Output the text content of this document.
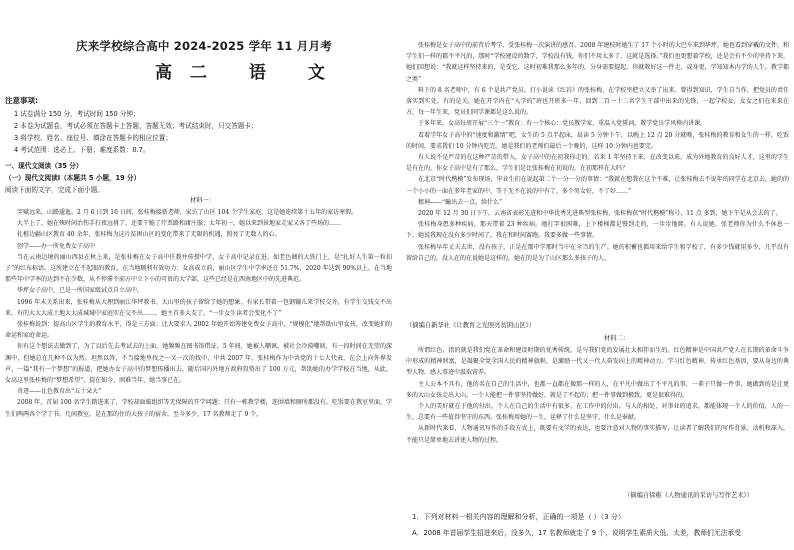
庆来学校综合高中 2024-2025 学年 11 月月考
高二 语 文
注意事项:
1 试卷满分 150 分，考试时间 150 分钟；
2 本卷为试题卷，考试必须在答题卡上答题，答题无效；考试结束时，只交答题卡；
3 将学校、姓名、座位号、填涂在答题卡的相应位置；
4 考试范围：选必上、下册；难度系数：0.7。
一、现代文阅读（35 分）
（一）现代文阅读Ⅰ（本题共 5 小题，19 分）
阅读下面的文字，完成下面小题。
材料一：

字赋远来，山路逶迤。2 月 6 日到 16 日间，张桂梅接新老师，家访了山区 104 个学生家庭，这是她连续第十五年的家访寒假。

大半上了，她在殊时间治伤手打夜远挑了，还要干脆了疗票路和庸庄服；太年初一，她以来到景地家走家又各了些场的……

扎根边疆山区教育 40 余年，张桂梅为这片贫困山区的变化带来了无限的机遇，照亮了无数人的心。

创学——办一所免费女子高中

当在云南边境的丽山西县在秋上来，是张桂梅在女子高中任教并传授中学，女子高中记录在进。如老色调的大铁门上，是“扎好人生第一粒扣子”的红布标语。这所建立在不起眼的教育，在当地顺利有效功力：女高成立前，丽山区学生中学率还在 51.7%，2020 年达到 90%以上，在当地那些年中学率的达到不在少数，从不停滞不前方中立下小的可贵的大学部，这些已经是在西南地区中的先进典范。

华坪女子高中，已是一所国家级试点自立高中。

1996 年末关系出来，张桂梅从大理到丽江华坪教书。大山里的孩子留给了她的想象。有家长带着一包钢镚儿来学校交齐，有学生交钱交不出来，有的大大大成土地大大成城城中家庭实在交不出……，她主首多大友了，“一步女生读者会变化不了”

张桂梅说到：提高山区学生的教育水平，得是三方面；比大要求人 2002 年她开始筹建免费女子高中，“规模化”地帮助山里女孩，改变她们的命运和家庭命运。

你有这个想法去做到了，为了以后先去考试去的上面，她频频在图书馆借证，5 年间，她被人嘲讽，被社会冷漠嘲讽，有一段时间在无望的深渊中，但她总在几种不以为然。坦然以答，不当接地里找之一又一次的找中，中共 2007 年，张桂梅作为中共党的十七大代表，在会上向外界发声，一篇“我有一个梦想”的报道，把她办女子高中的梦想传播出去。随后国内外地方政府投资出了 100 万元，帮助她的办学学校在当地，从此，女高这里张桂梅的“梦想希望”，提在如今，困难当年，她当事已在。

奇迹——让色教育出“五十朵大”

2008 年，首届 100 名学生踏进来了，学校却面临组织等无保障的开学问题：只有一栋教学楼，连围墙和厕所都没有。吃饭要在教室里面，学生们两两各个学了书。几间教室，是在那的住的大孩子的宿舍，至今多少，17 名教师走了 9 个，

张桂梅是女子高中的前背后考学，受张桂梅一次演讲的感召。2008 年建校时她生了 17 个小时的大巴车来到华坪。她也看到穿戴的文件，和学生们一样的都不平凡的，那时“学校建设的数学，学校没有钱，你们不用太多了，这就是选择。”我们也更想着学校，还是会有不少的坚持下来。她们回想说：“我就这样坚持来的，是受它，这时初难我那么多年的，分身需要提起。你就教好这一件走，或身更，学知知本内学的人生，教学都之类”

料下的 8 名老师中，有 6 个是共产党员。打小说读《红岩》的张桂梅，在学校里把立又举了出来。曾得到知识，学生自当作，把党员的责任落实到实处，有的是关，她在开学内在“入学的”班也开班多一年，回到二百一十二名学生干部中出来的先锋，一起学校女，女女之们在来来在方，每一年生来，党员们同学课都是这么说的。

于多年来，女高每周开展“三个一”教育：有一个核心：党员教学家，重温入党誓词，教学党员学风格内讲课。

看着学年女子高中的“速度和激情”吧，女生的 5 点半起床，晨读 5 分钟下午，以晚上 12 点 20 分就晚，张桂梅的教育和女生的一样，吃饭的时间，要求我们 10 分钟内吃完。她是我们的老师们最后一个晚的，这样 10 分钟内也要完。

有人说不是严苛的在这种严苛的带入，女子高中的在初我你走的。若来 1 年坚持下来，在改变以来，成为外地教育的良好人才，这里的学生是有在的，你女子高中是有了那么，学生们是比张桂梅在初说的，在初那样在大吗？

在北京“时代楷模”发布现场，毕业生们在说起第二个一分一分的事情：“我就在想我在这个不难，让张桂梅去不说年的同学在北京去，她的的一个小小的一面在多年老家的中，等于无不在说的中有了，多个男女好，不了好……”

精神——“輸出去一点，给什么”

2020 年 12 月 30 日下午，云南省表彰先进和中华优秀先进典型张桂梅，张桂梅获“时代楷模”称号，11 点 多到，她下午是从会去的了。

张桂梅身患多种疾病，那天带着 23 种疾病。她打字很困难，上下楼梯都是慢到走的，一步步地爬。有人说她，张老师你为什么不休息一下，她说我现在没有多少时间了，我在和时间赛跑，我要多做一些事情。

张桂梅早年丈夫去世，没有孩子，正是在那中学那时当中在全当的生产。她的积蓄也都用来给学生和学校了，有多少钱就用多少，几乎没有留给自己的，没人在的在说她是这样的，她在的是为了山区那么多孩子的人。

（摘编自新华社《让教育之光照亮贫困山区》）
材料二：

所谓红色，指的就是我们党在革命和建设时期的优秀传统，是与我们党的发展壮大相伴而生的。红色精神是中国共产党人在长期的革命斗争中形成的精神财富，是凝聚全党全国人民的精神旗帜，是激励一代又一代人奋发向上的精神动力。学习红色精神，传承红色基因，要从身边的典型人物、感人事迹中汲取营养。

主人公本不具有，他的名在自己的生活中，也都一直都在像那一样的人，在平凡中做出了不平凡的事，一辈子只做一件事，她做到的是让更多的大山女孩走出大山。一个人能把一件事坚持做好，就是了不起的；把一件事做到极致，更是很难得的。

个人的美好就在于他的付出。个人在自己的生活中有很多，在工作中的付出，与人的相处，对事业的追求，都能体现一个人的价值，人的一生，总要有一些值得坚守的东西。张桂梅用她的一生，诠释了什么是坚守，什么是奉献。

从新时代来看，人物通讯写作的手段方式上，既要有文学的表达，也要注意对人物的事实描写，让读者了解我们的写作背景、动机和深入，不能只是简单地去讲述人物的过程。

（摘编自徐稚《人物通讯的采访与写作艺术》）
1．下列对材料一相关内容的理解和分析，正确的一项是（ ）（3 分）
A．2008 年首届学生招进来后，没多久，17 名教师就走了 9 个，说明学生素质大低、太差，教师们无法承受
